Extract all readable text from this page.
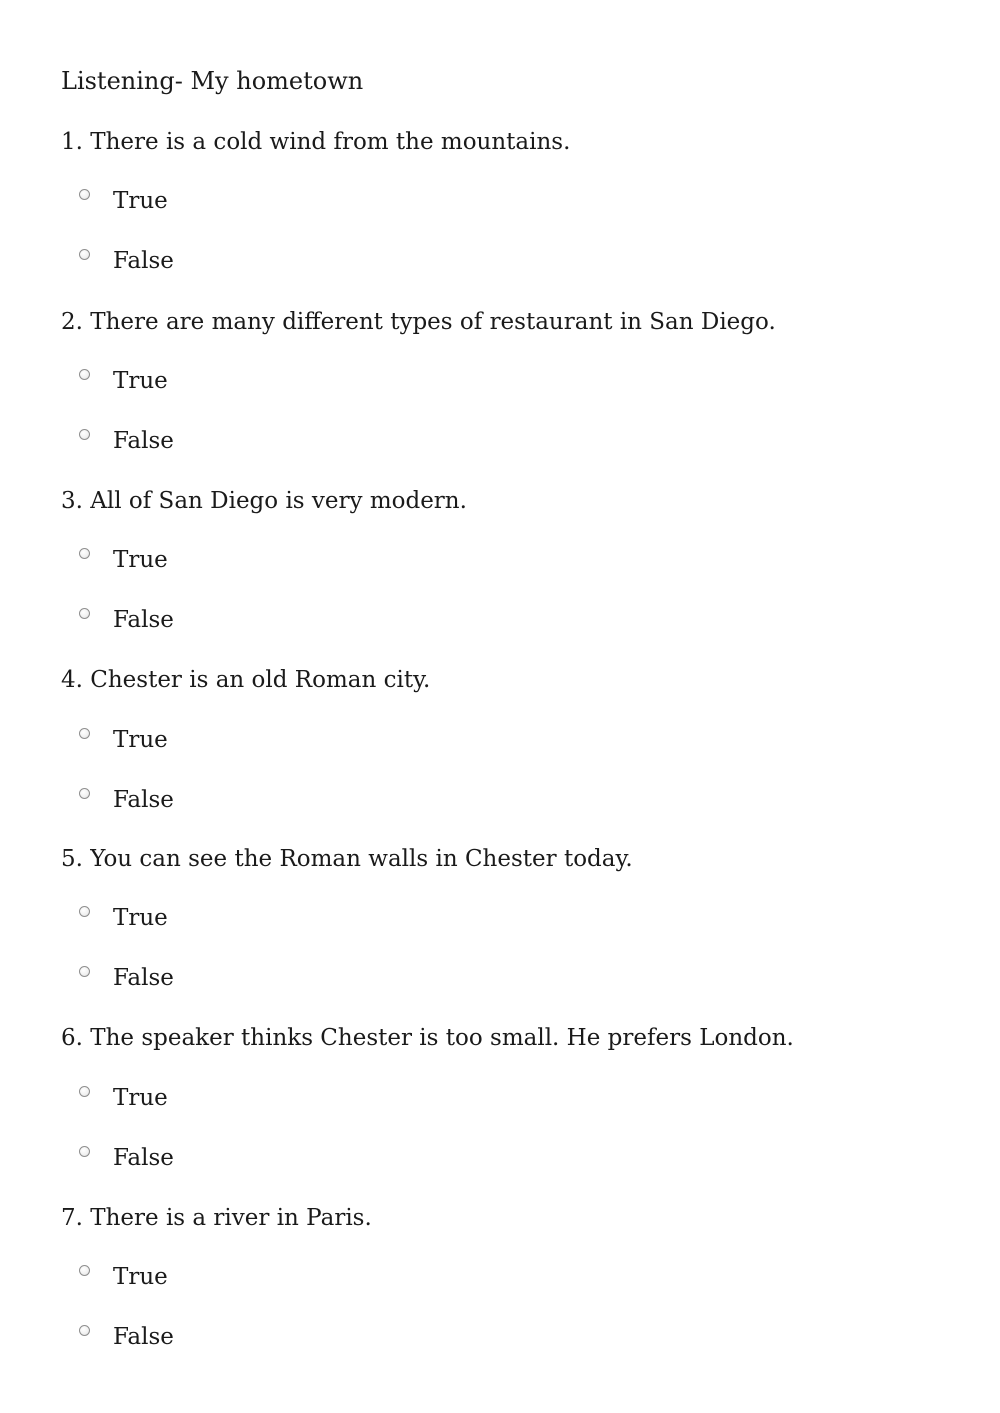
Listening- My hometown

1. There is a cold wind from the mountains.

True
False

2. There are many different types of restaurant in San Diego.

True
False

3. All of San Diego is very modern.

True
False

4. Chester is an old Roman city.

True
False

5. You can see the Roman walls in Chester today.

True
False

6. The speaker thinks Chester is too small. He prefers London.

True
False

7. There is a river in Paris.

True
False
